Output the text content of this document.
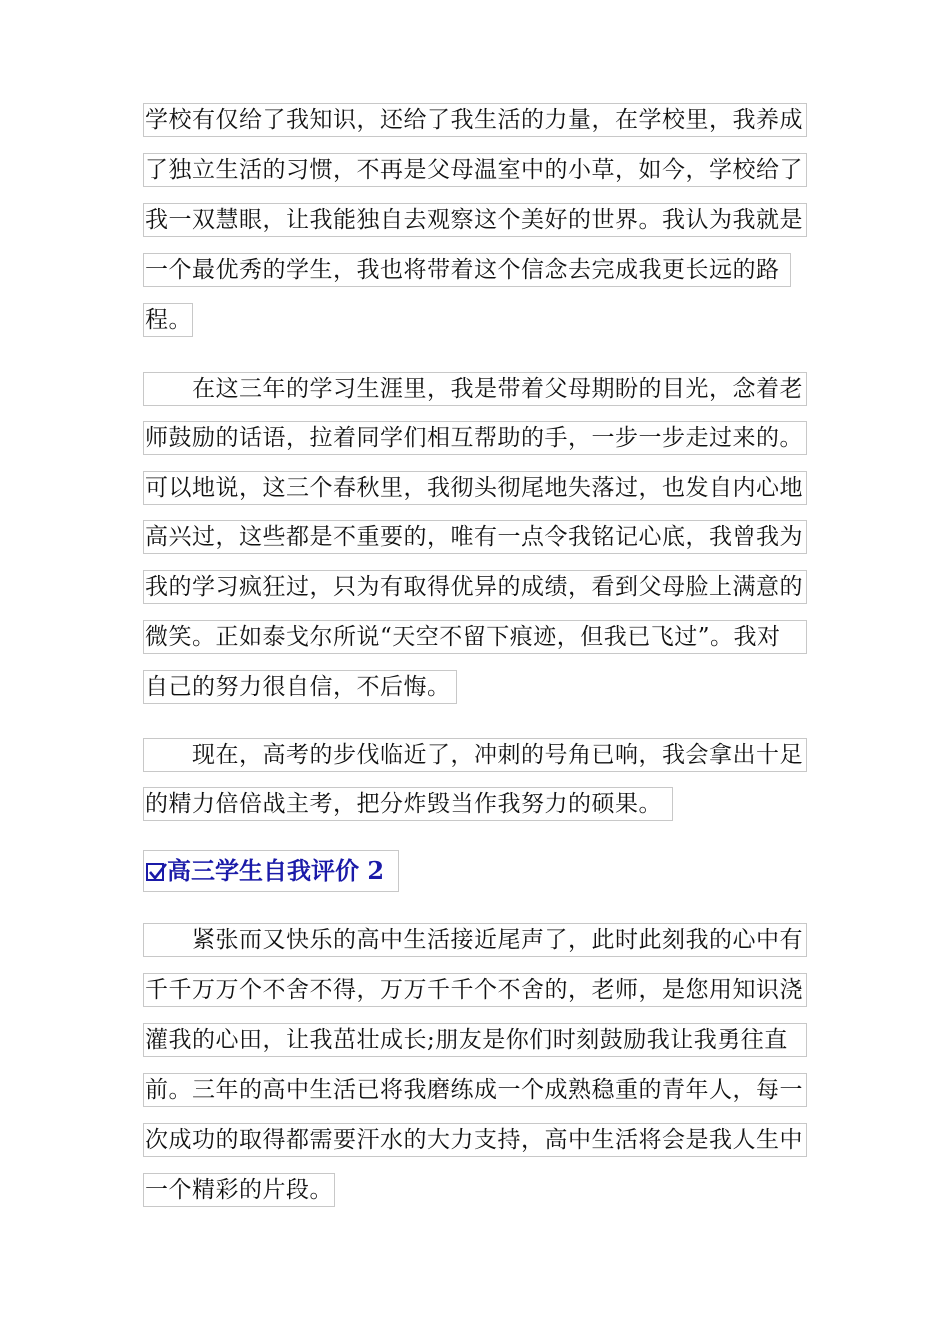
学校有仅给了我知识，还给了我生活的力量，在学校里，我养成
了独立生活的习惯，不再是父母温室中的小草，如今，学校给了
我一双慧眼，让我能独自去观察这个美好的世界。我认为我就是
一个最优秀的学生，我也将带着这个信念去完成我更长远的路
程。
　　在这三年的学习生涯里，我是带着父母期盼的目光，念着老
师鼓励的话语，拉着同学们相互帮助的手，一步一步走过来的。
可以地说，这三个春秋里，我彻头彻尾地失落过，也发自内心地
高兴过，这些都是不重要的，唯有一点令我铭记心底，我曾我为
我的学习疯狂过，只为有取得优异的成绩，看到父母脸上满意的
微笑。正如泰戈尔所说“天空不留下痕迹，但我已飞过”。我对
自己的努力很自信，不后悔。
　　现在，高考的步伐临近了，冲刺的号角已响，我会拿出十足
的精力倍倍战主考，把分炸毁当作我努力的硕果。
高三学生自我评价 2
　　紧张而又快乐的高中生活接近尾声了，此时此刻我的心中有
千千万万个不舍不得，万万千千个不舍的，老师，是您用知识浇
灌我的心田，让我茁壮成长;朋友是你们时刻鼓励我让我勇往直
前。三年的高中生活已将我磨练成一个成熟稳重的青年人，每一
次成功的取得都需要汗水的大力支持，高中生活将会是我人生中
一个精彩的片段。
